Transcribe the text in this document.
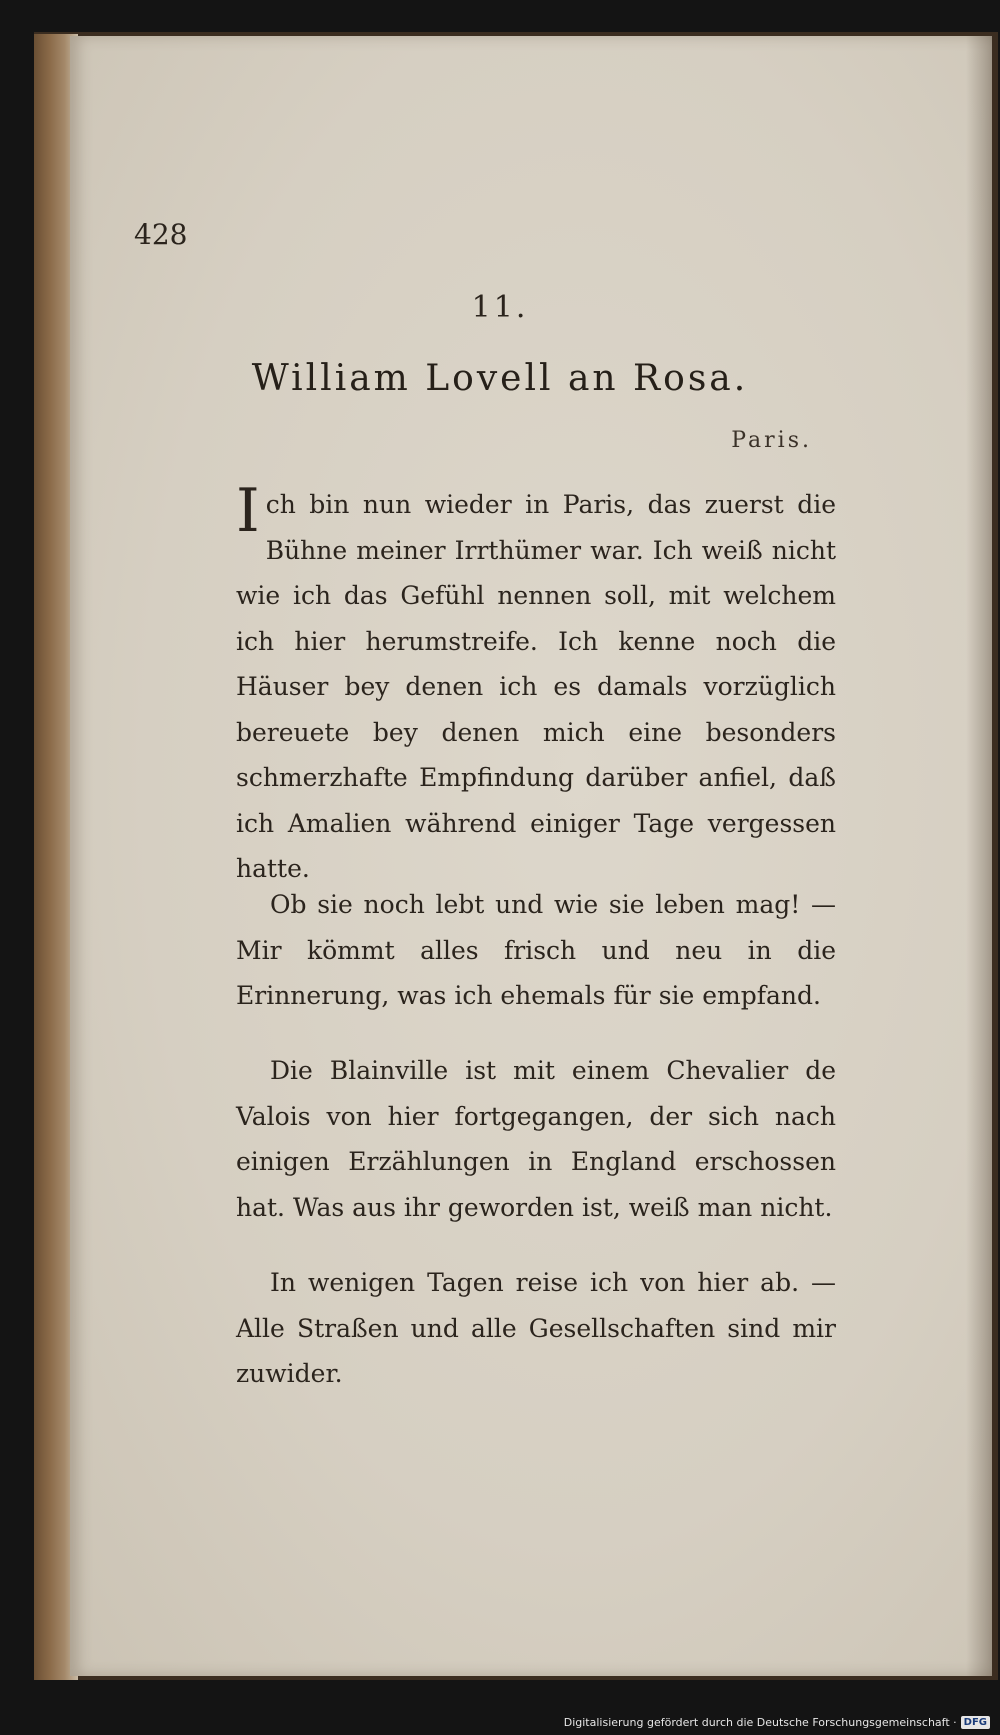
428
11.
William Lovell an Rosa.
Paris.
Ich bin nun wieder in Paris, das zuerst die Bühne meiner Irrthümer war. Ich weiß nicht wie ich das Gefühl nennen soll, mit welchem ich hier herumstreife. Ich kenne noch die Häuser bey denen ich es damals vorzüglich bereuete bey denen mich eine besonders schmerzhafte Empfindung darüber anfiel, daß ich Amalien während einiger Tage vergessen hatte.
Ob sie noch lebt und wie sie leben mag! — Mir kömmt alles frisch und neu in die Erinnerung, was ich ehemals für sie empfand.
Die Blainville ist mit einem Chevalier de Valois von hier fortgegangen, der sich nach einigen Erzählungen in England erschossen hat. Was aus ihr geworden ist, weiß man nicht.
In wenigen Tagen reise ich von hier ab. — Alle Straßen und alle Gesellschaften sind mir zuwider.
Digitalisierung gefördert durch die Deutsche Forschungsgemeinschaft · DFG
